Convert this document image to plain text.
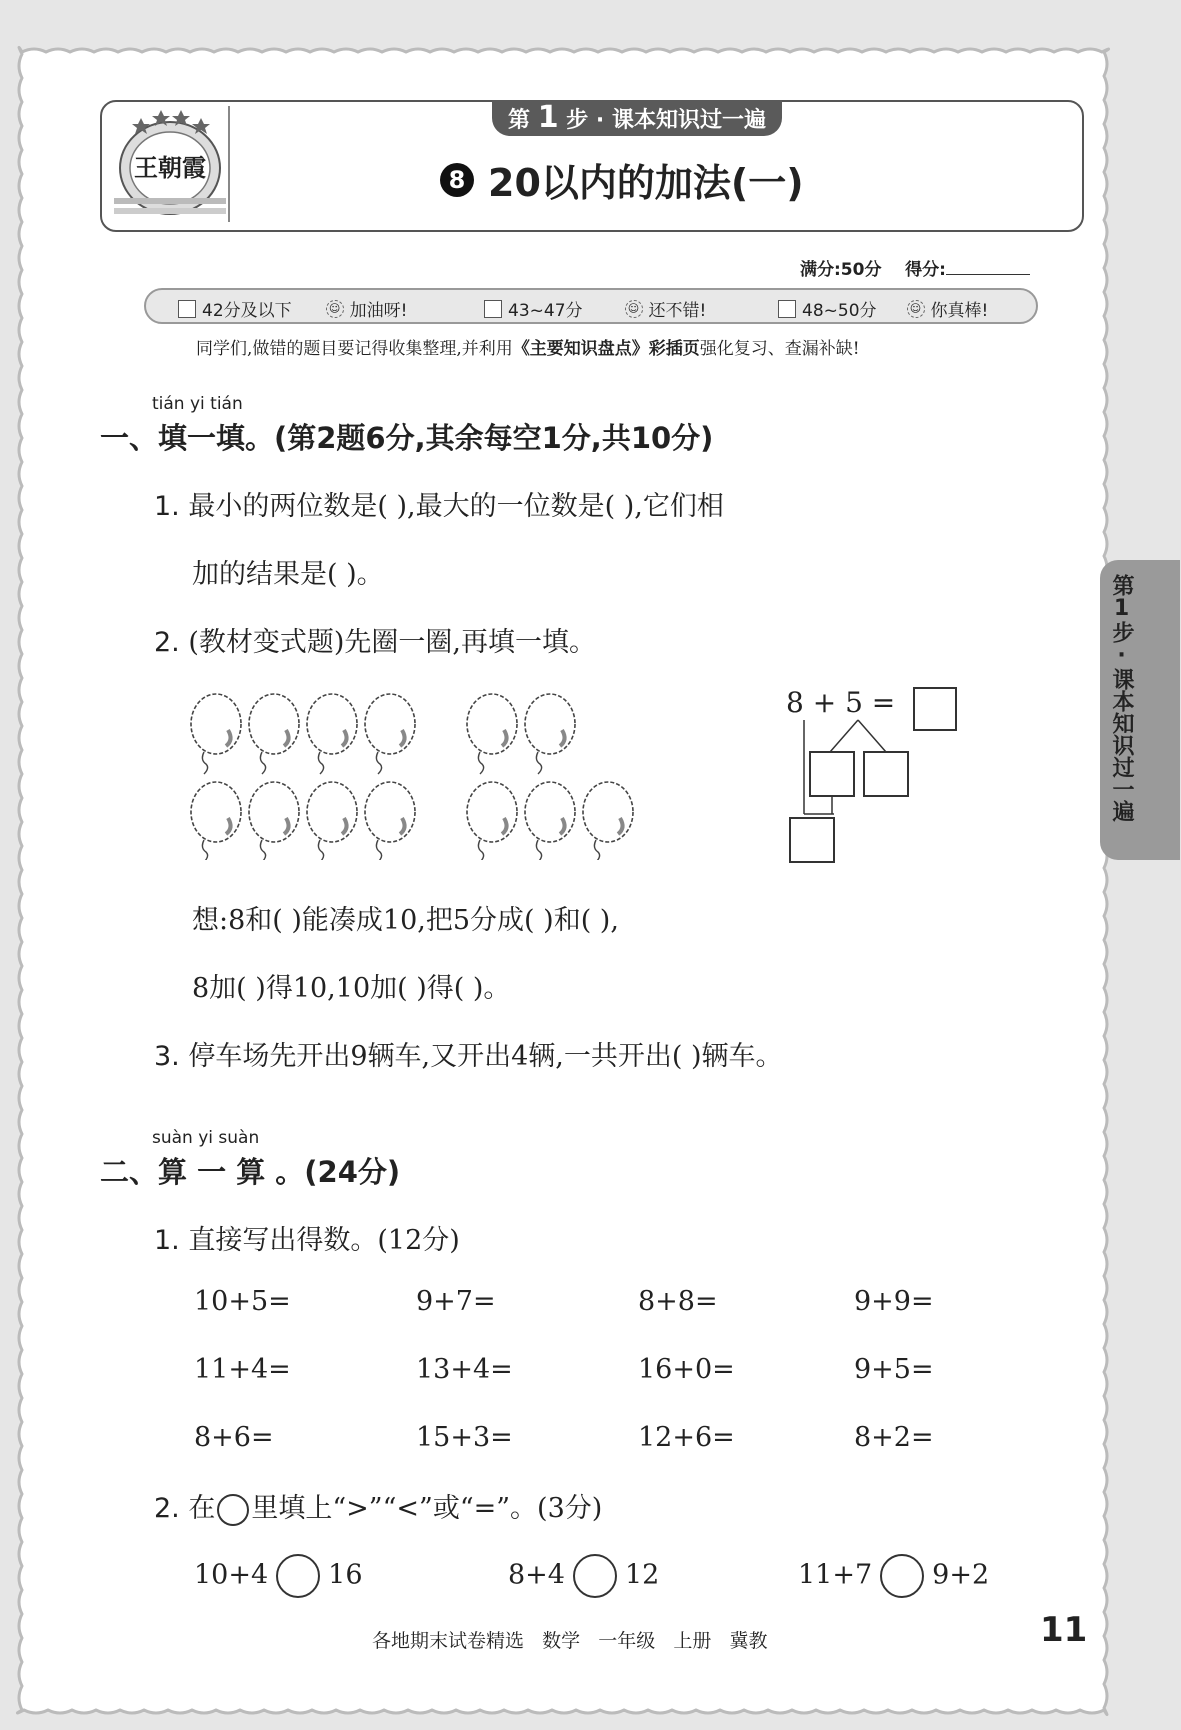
王朝霞
第 1 步 · 课本知识过一遍
8 20以内的加法(一)
满分:50分 得分:
42分及以下	☺ 加油呀!	43~47分	☺ 还不错!	48~50分	☺ 你真棒!
同学们,做错的题目要记得收集整理,并利用《主要知识盘点》彩插页强化复习、查漏补缺!
tián yi tián
一、填一填。(第2题6分,其余每空1分,共10分)
1. 最小的两位数是( ),最大的一位数是( ),它们相
加的结果是( )。
2. (教材变式题)先圈一圈,再填一填。
8 + 5 =
想:8和( )能凑成10,把5分成( )和( ),
8加( )得10,10加( )得( )。
3. 停车场先开出9辆车,又开出4辆,一共开出( )辆车。
suàn yi suàn
二、算 一 算 。(24分)
1. 直接写出得数。(12分)
10+5=	9+7=	8+8=	9+9=
11+4=	13+4=	16+0=	9+5=
8+6=	15+3=	12+6=	8+2=
2. 在 里填上“>”“<”或“=”。(3分)
10+4 16	8+4 12	11+7 9+2
第1步·课本知识过一遍
各地期末试卷精选   数学   一年级   上册   冀教	11
